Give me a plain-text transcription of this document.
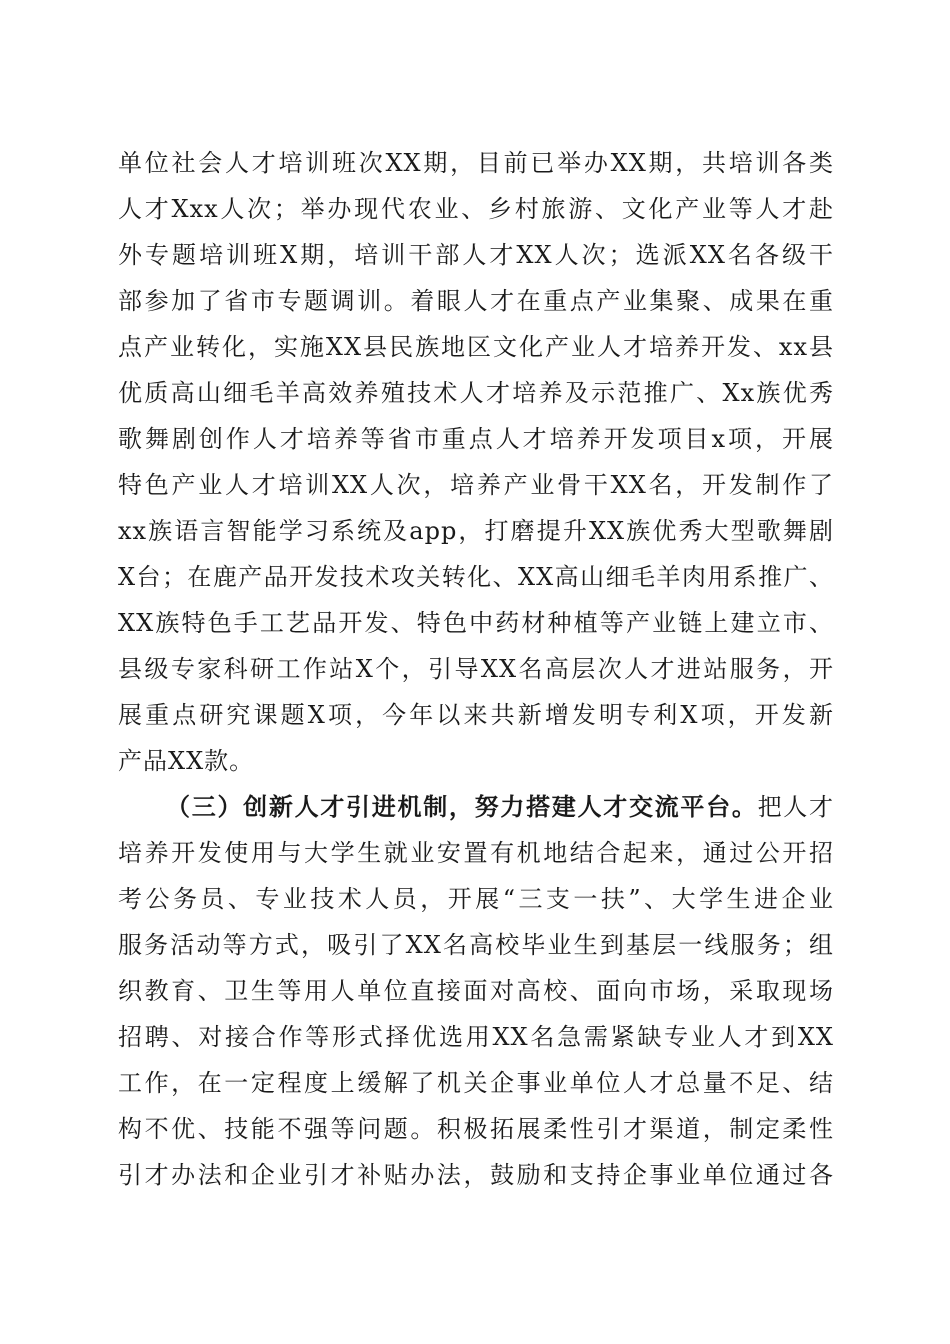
单位社会人才培训班次XX期，目前已举办XX期，共培训各类
人才Xxx人次；举办现代农业、乡村旅游、文化产业等人才赴
外专题培训班X期，培训干部人才XX人次；选派XX名各级干
部参加了省市专题调训。着眼人才在重点产业集聚、成果在重
点产业转化，实施XX县民族地区文化产业人才培养开发、xx县
优质高山细毛羊高效养殖技术人才培养及示范推广、Xx族优秀
歌舞剧创作人才培养等省市重点人才培养开发项目x项，开展
特色产业人才培训XX人次，培养产业骨干XX名，开发制作了
xx族语言智能学习系统及app，打磨提升XX族优秀大型歌舞剧
X台；在鹿产品开发技术攻关转化、XX高山细毛羊肉用系推广、
XX族特色手工艺品开发、特色中药材种植等产业链上建立市、
县级专家科研工作站X个，引导XX名高层次人才进站服务，开
展重点研究课题X项，今年以来共新增发明专利X项，开发新
产品XX款。
（三）创新人才引进机制，努力搭建人才交流平台。把人才
培养开发使用与大学生就业安置有机地结合起来，通过公开招
考公务员、专业技术人员，开展“三支一扶”、大学生进企业
服务活动等方式，吸引了XX名高校毕业生到基层一线服务；组
织教育、卫生等用人单位直接面对高校、面向市场，采取现场
招聘、对接合作等形式择优选用XX名急需紧缺专业人才到XX
工作，在一定程度上缓解了机关企事业单位人才总量不足、结
构不优、技能不强等问题。积极拓展柔性引才渠道，制定柔性
引才办法和企业引才补贴办法，鼓励和支持企事业单位通过各
